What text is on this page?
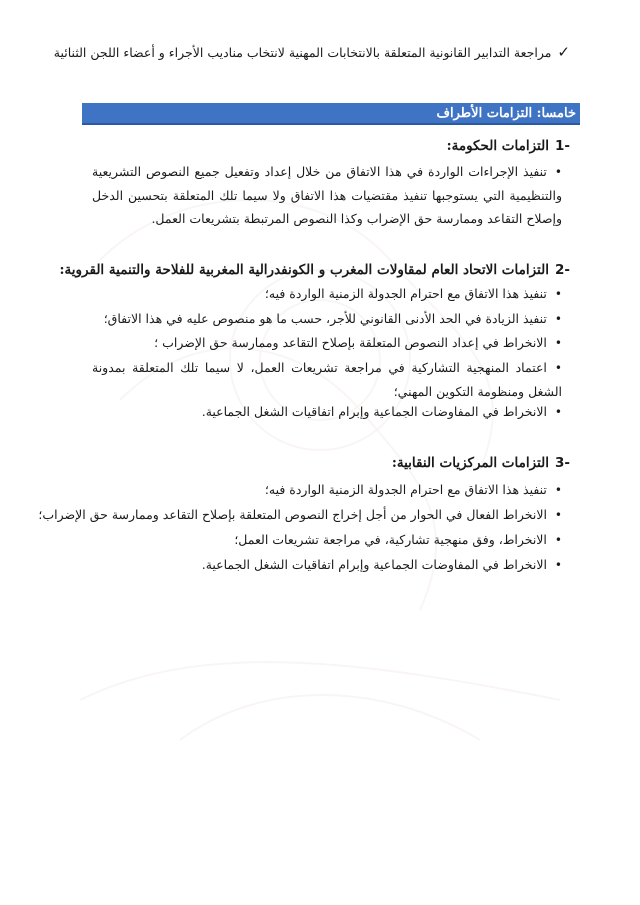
✓مراجعة التدابير القانونية المتعلقة بالانتخابات المهنية لانتخاب مناديب الأجراء و أعضاء اللجن الثنائية
خامسا: التزامات الأطراف
-1التزامات الحكومة:
•تنفيذ الإجراءات الواردة في هذا الاتفاق من خلال إعداد وتفعيل جميع النصوص التشريعية والتنظيمية التي يستوجبها تنفيذ مقتضيات هذا الاتفاق ولا سيما تلك المتعلقة بتحسين الدخل وإصلاح التقاعد وممارسة حق الإضراب وكذا النصوص المرتبطة بتشريعات العمل.
-2التزامات الاتحاد العام لمقاولات المغرب و الكونفدرالية المغربية للفلاحة والتنمية القروية:
•تنفيذ هذا الاتفاق مع احترام الجدولة الزمنية الواردة فيه؛
•تنفيذ الزيادة في الحد الأدنى القانوني للأجر، حسب ما هو منصوص عليه في هذا الاتفاق؛
•الانخراط في إعداد النصوص المتعلقة بإصلاح التقاعد وممارسة حق الإضراب ؛
•اعتماد المنهجية التشاركية في مراجعة تشريعات العمل، لا سيما تلك المتعلقة بمدونة الشغل ومنظومة التكوين المهني؛
•الانخراط في المفاوضات الجماعية وإبرام اتفاقيات الشغل الجماعية.
-3التزامات المركزيات النقابية:
•تنفيذ هذا الاتفاق مع احترام الجدولة الزمنية الواردة فيه؛
•الانخراط الفعال في الحوار من أجل إخراج النصوص المتعلقة بإصلاح التقاعد وممارسة حق الإضراب؛
•الانخراط، وفق منهجية تشاركية، في مراجعة تشريعات العمل؛
•الانخراط في المفاوضات الجماعية وإبرام اتفاقيات الشغل الجماعية.
